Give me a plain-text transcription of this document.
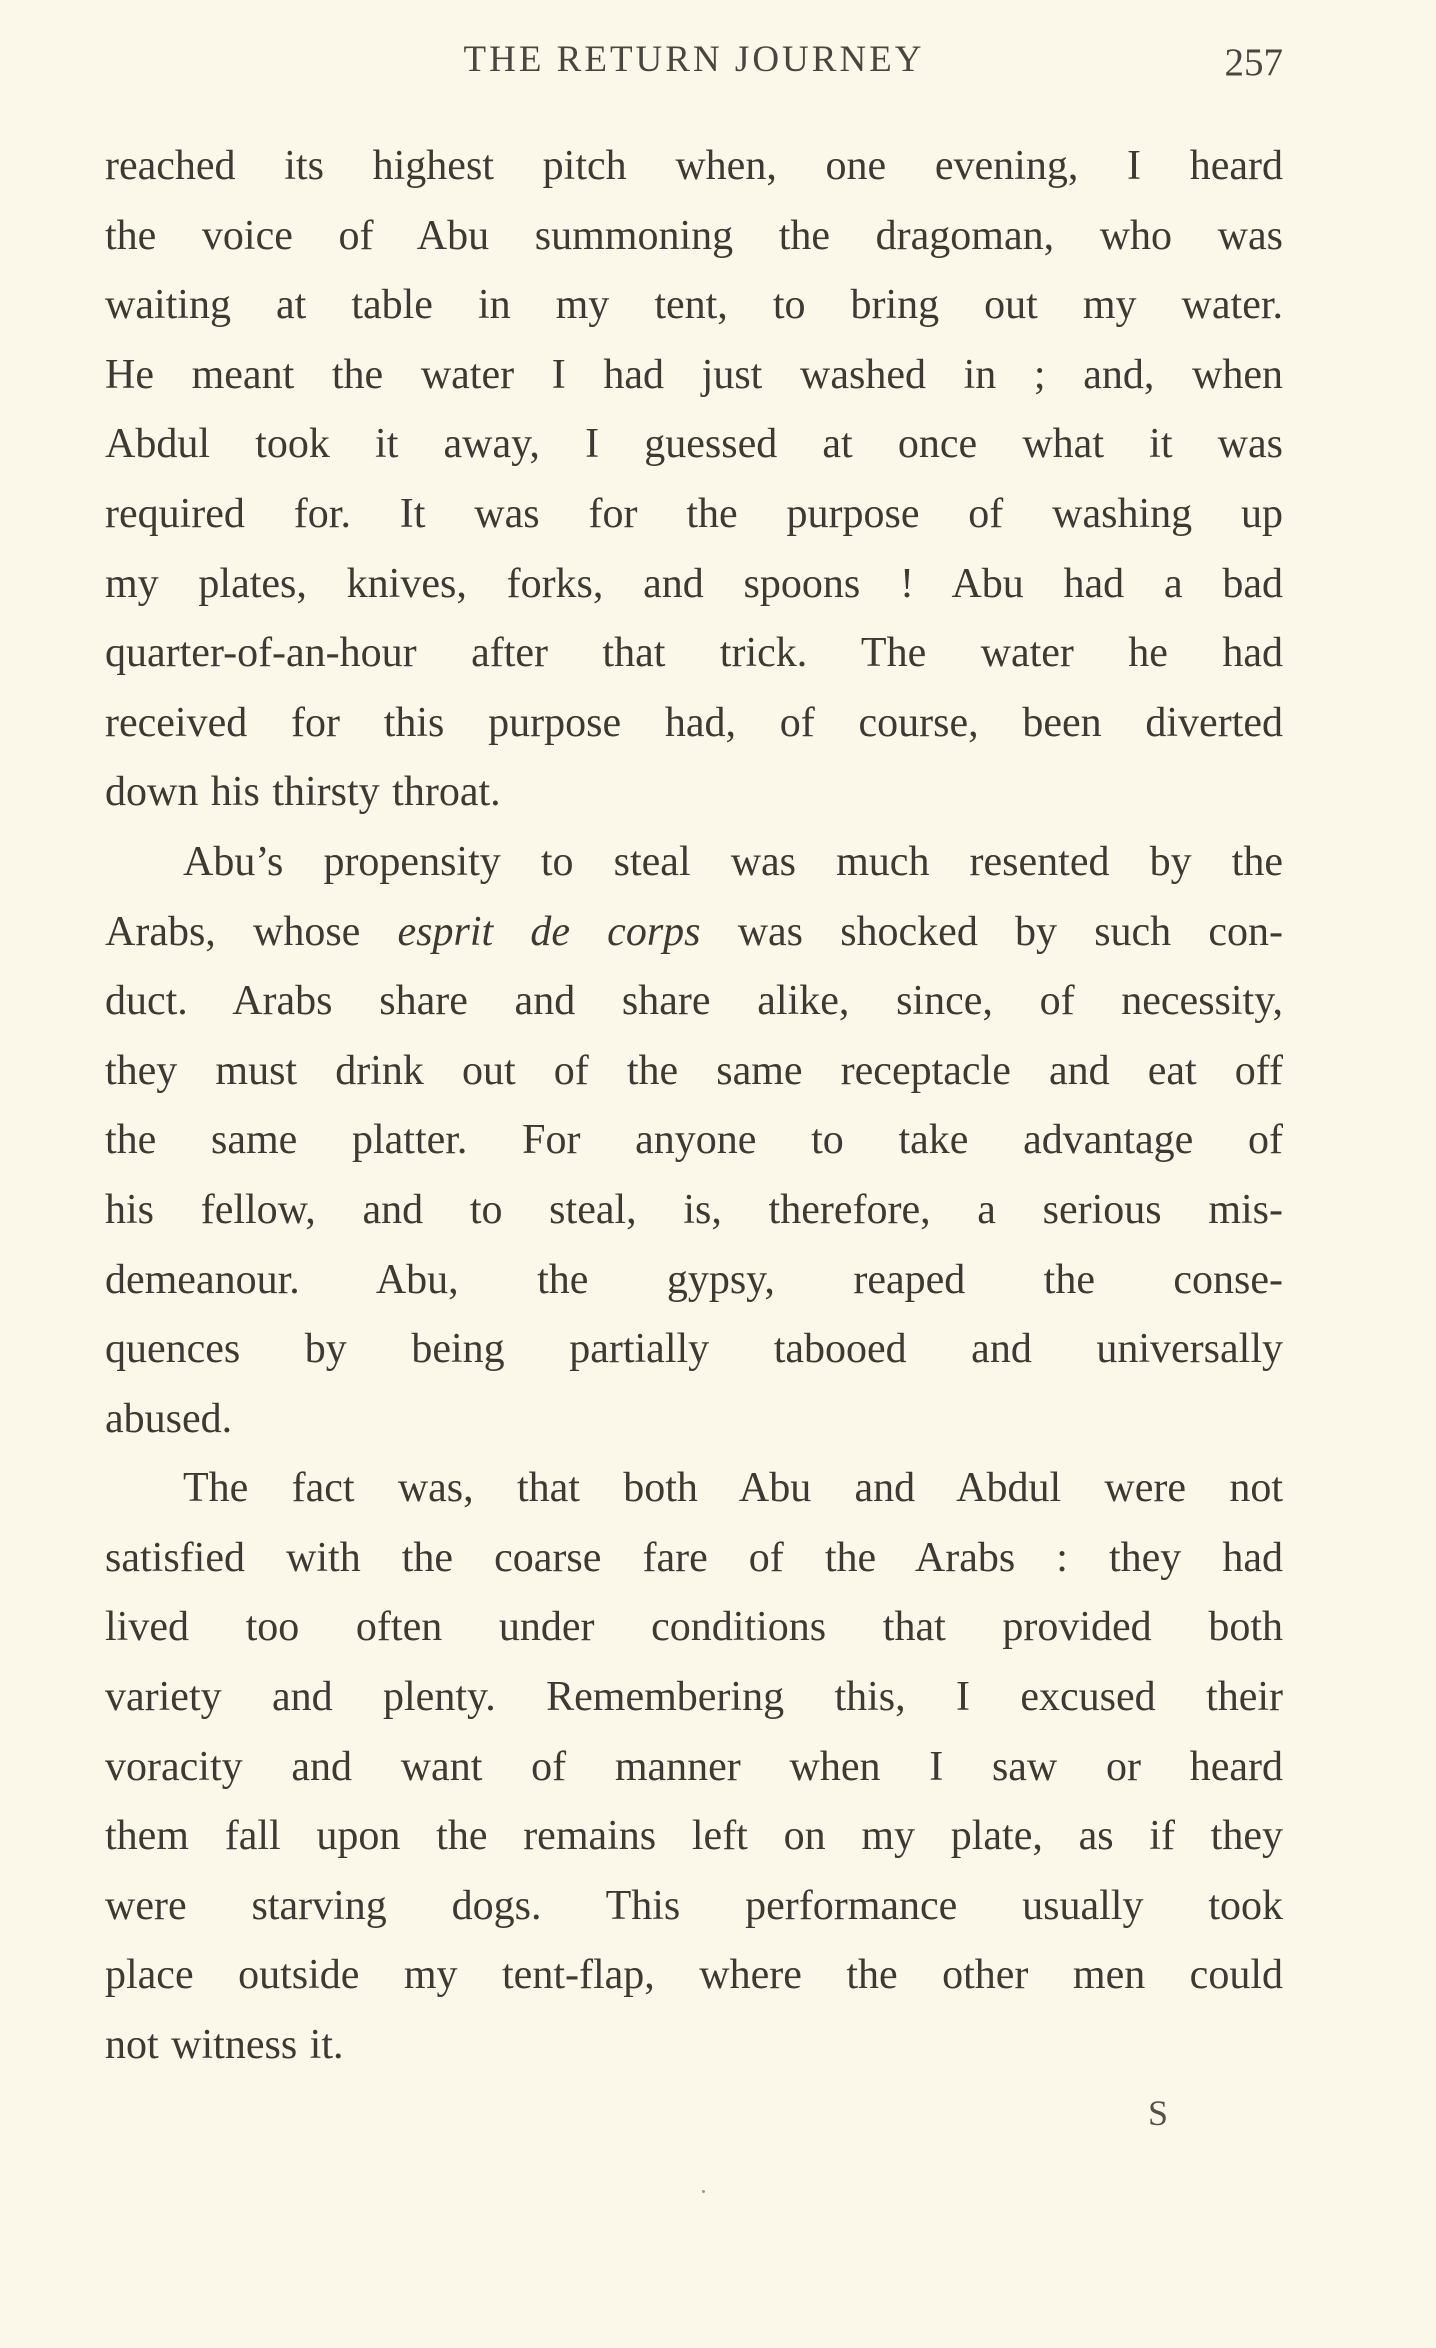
THE RETURN JOURNEY	257
reached its highest pitch when, one evening, I heard
the voice of Abu summoning the dragoman, who was
waiting at table in my tent, to bring out my water.
He meant the water I had just washed in ; and, when
Abdul took it away, I guessed at once what it was
required for. It was for the purpose of washing up
my plates, knives, forks, and spoons ! Abu had a bad
quarter-of-an-hour after that trick. The water he had
received for this purpose had, of course, been diverted
down his thirsty throat.
Abu’s propensity to steal was much resented by the
Arabs, whose esprit de corps was shocked by such con-
duct. Arabs share and share alike, since, of necessity,
they must drink out of the same receptacle and eat off
the same platter. For anyone to take advantage of
his fellow, and to steal, is, therefore, a serious mis-
demeanour. Abu, the gypsy, reaped the conse-
quences by being partially tabooed and universally
abused.
The fact was, that both Abu and Abdul were not
satisfied with the coarse fare of the Arabs : they had
lived too often under conditions that provided both
variety and plenty. Remembering this, I excused their
voracity and want of manner when I saw or heard
them fall upon the remains left on my plate, as if they
were starving dogs. This performance usually took
place outside my tent-flap, where the other men could
not witness it.
S
